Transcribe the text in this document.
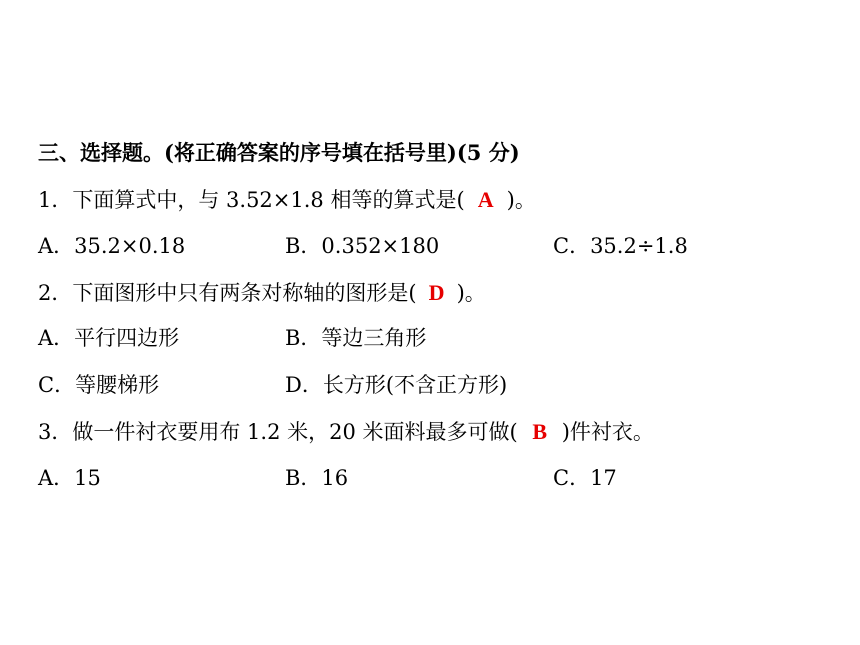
三、选择题。(将正确答案的序号填在括号里)(5 分)
1．下面算式中，与 3.52×1.8 相等的算式是( A )。
A．35.2×0.18	B．0.352×180	C．35.2÷1.8
2．下面图形中只有两条对称轴的图形是( D )。
A．平行四边形	B．等边三角形
C．等腰梯形	D．长方形(不含正方形)
3．做一件衬衣要用布 1.2 米，20 米面料最多可做( B )件衬衣。
A．15	B．16	C．17
